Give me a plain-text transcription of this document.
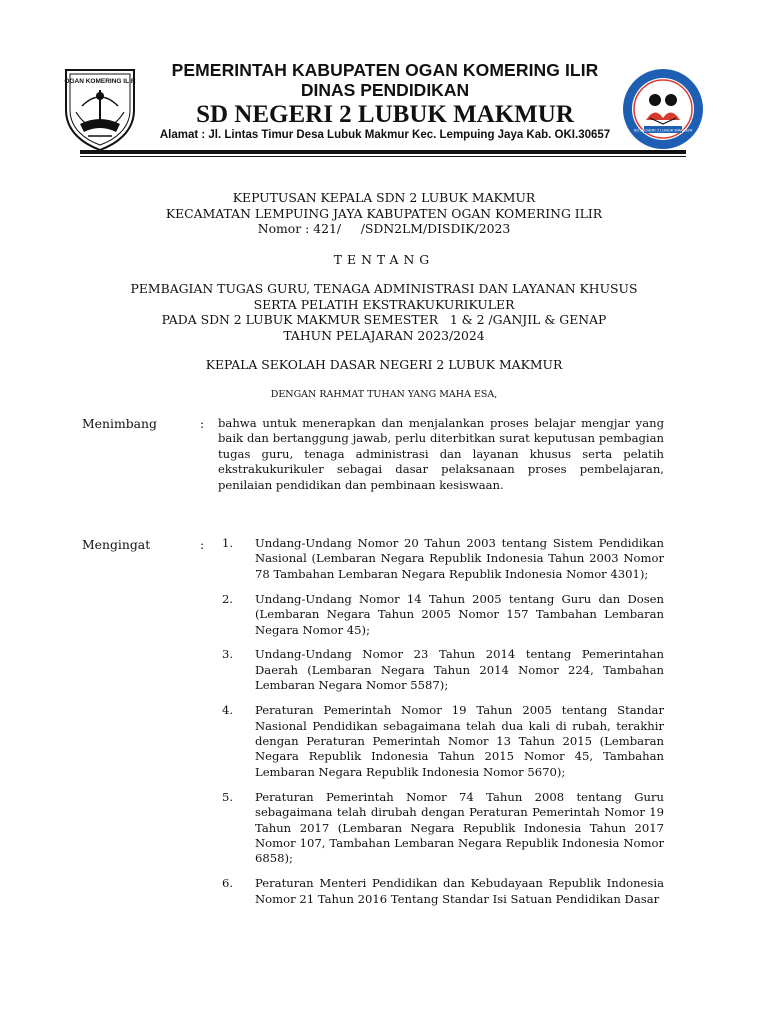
OGAN KOMERING ILIR
PEMERINTAH KABUPATEN OGAN KOMERING ILIR
DINAS PENDIDIKAN
SD NEGERI 2 LUBUK MAKMUR
Alamat : Jl. Lintas Timur Desa Lubuk Makmur Kec. Lempuing Jaya Kab. OKI.30657	SD NEGERI 2 LUBUK MAKMUR
KEPUTUSAN KEPALA SDN 2 LUBUK MAKMUR
KECAMATAN LEMPUING JAYA KABUPATEN OGAN KOMERING ILIR
Nomor : 421/     /SDN2LM/DISDIK/2023
TENTANG
PEMBAGIAN TUGAS GURU, TENAGA ADMINISTRASI DAN LAYANAN KHUSUS
SERTA PELATIH EKSTRAKUKURIKULER
PADA SDN 2 LUBUK MAKMUR SEMESTER   1 & 2 /GANJIL & GENAP
TAHUN PELAJARAN 2023/2024
KEPALA SEKOLAH DASAR NEGERI 2 LUBUK MAKMUR
DENGAN RAHMAT TUHAN YANG MAHA ESA,
Menimbang	: bahwa untuk menerapkan dan menjalankan proses belajar mengjar yang baik dan bertanggung jawab, perlu diterbitkan surat keputusan pembagian tugas guru, tenaga administrasi dan layanan khusus serta pelatih ekstrakukurikuler sebagai dasar pelaksanaan proses pembelajaran, penilaian pendidikan dan pembinaan kesiswaan.
Mengingat	: 1. Undang-Undang Nomor 20 Tahun 2003 tentang Sistem Pendidikan Nasional (Lembaran Negara Republik Indonesia Tahun 2003 Nomor 78 Tambahan Lembaran Negara Republik Indonesia Nomor 4301);
2. Undang-Undang Nomor 14 Tahun 2005 tentang Guru dan Dosen (Lembaran Negara Tahun 2005 Nomor 157 Tambahan Lembaran Negara Nomor 45);
3. Undang-Undang Nomor 23 Tahun 2014 tentang Pemerintahan Daerah (Lembaran Negara Tahun 2014 Nomor 224, Tambahan Lembaran Negara Nomor 5587);
4. Peraturan Pemerintah Nomor 19 Tahun 2005 tentang Standar Nasional Pendidikan sebagaimana telah dua kali di rubah, terakhir dengan Peraturan Pemerintah Nomor 13 Tahun 2015 (Lembaran Negara Republik Indonesia Tahun 2015 Nomor 45, Tambahan Lembaran Negara Republik Indonesia Nomor 5670);
5. Peraturan Pemerintah Nomor 74 Tahun 2008 tentang Guru sebagaimana telah dirubah dengan Peraturan Pemerintah Nomor 19 Tahun 2017 (Lembaran Negara Republik Indonesia Tahun 2017 Nomor 107, Tambahan Lembaran Negara Republik Indonesia Nomor 6858);
6. Peraturan Menteri Pendidikan dan Kebudayaan Republik Indonesia Nomor 21 Tahun 2016 Tentang Standar Isi Satuan Pendidikan Dasar
